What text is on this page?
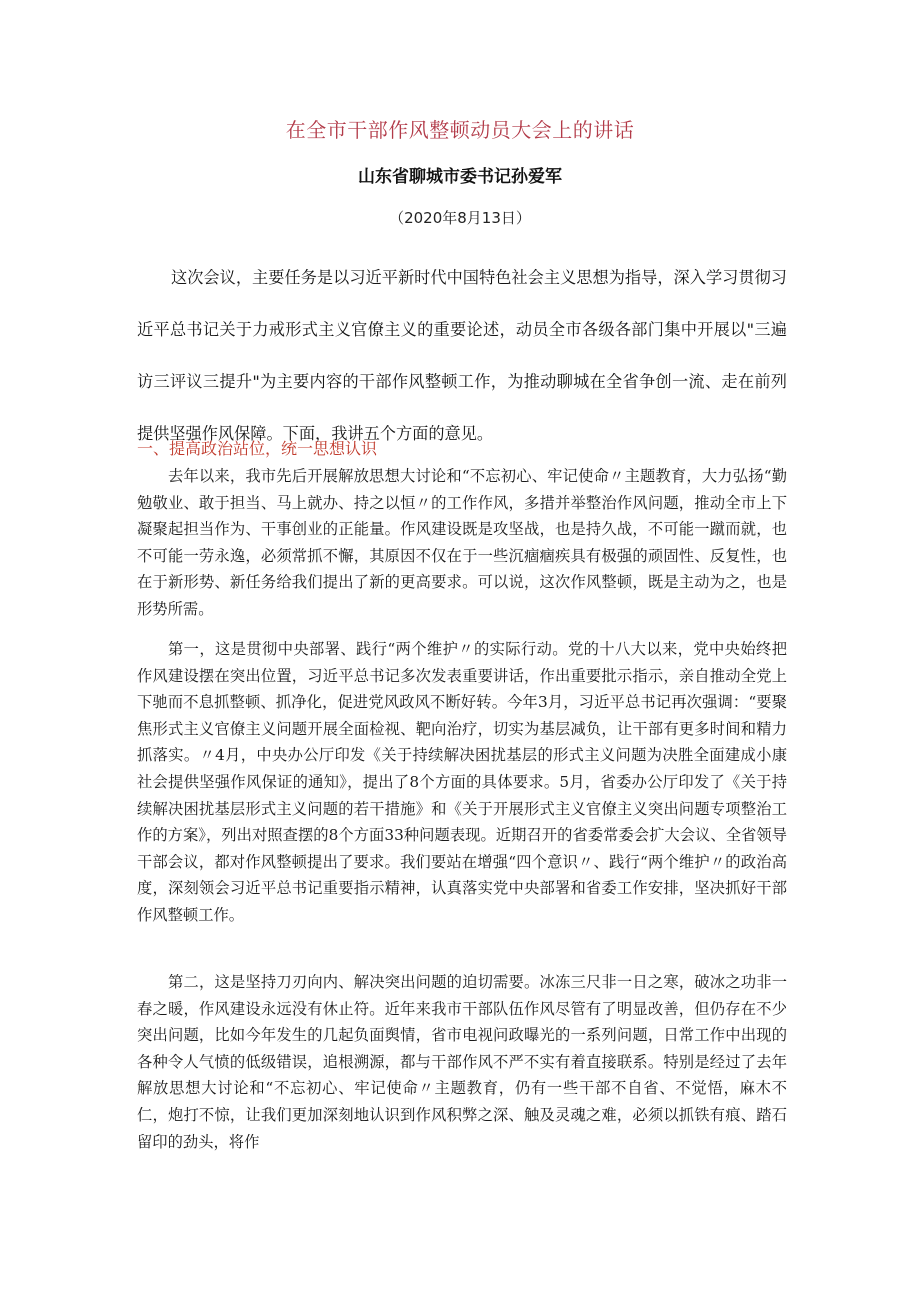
在全市干部作风整顿动员大会上的讲话
山东省聊城市委书记孙爱军
（2020年8月13日）

这次会议，主要任务是以习近平新时代中国特色社会主义思想为指导，深入学习贯彻习近平总书记关于力戒形式主义官僚主义的重要论述，动员全市各级各部门集中开展以"三遍访三评议三提升"为主要内容的干部作风整顿工作，为推动聊城在全省争创一流、走在前列提供坚强作风保障。下面，我讲五个方面的意见。

一、提高政治站位，统一思想认识

去年以来，我市先后开展解放思想大讨论和“不忘初心、牢记使命〃主题教育，大力弘扬“勤勉敬业、敢于担当、马上就办、持之以恒〃的工作作风，多措并举整治作风问题，推动全市上下凝聚起担当作为、干事创业的正能量。作风建设既是攻坚战，也是持久战，不可能一蹴而就，也不可能一劳永逸，必须常抓不懈，其原因不仅在于一些沉痼痼疾具有极强的顽固性、反复性，也在于新形势、新任务给我们提出了新的更高要求。可以说，这次作风整顿，既是主动为之，也是形势所需。

第一，这是贯彻中央部署、践行“两个维护〃的实际行动。党的十八大以来，党中央始终把作风建设摆在突出位置，习近平总书记多次发表重要讲话，作出重要批示指示，亲自推动全党上下驰而不息抓整顿、抓净化，促进党风政风不断好转。今年3月，习近平总书记再次强调：“要聚焦形式主义官僚主义问题开展全面检视、靶向治疗，切实为基层减负，让干部有更多时间和精力抓落实。〃4月，中央办公厅印发《关于持续解决困扰基层的形式主义问题为决胜全面建成小康社会提供坚强作风保证的通知》，提出了8个方面的具体要求。5月，省委办公厅印发了《关于持续解决困扰基层形式主义问题的若干措施》和《关于开展形式主义官僚主义突出问题专项整治工作的方案》，列出对照查摆的8个方面33种问题表现。近期召开的省委常委会扩大会议、全省领导干部会议，都对作风整顿提出了要求。我们要站在增强“四个意识〃、践行“两个维护〃的政治高度，深刻领会习近平总书记重要指示精神，认真落实党中央部署和省委工作安排，坚决抓好干部作风整顿工作。

第二，这是坚持刀刃向内、解决突出问题的迫切需要。冰冻三尺非一日之寒，破冰之功非一春之暖，作风建设永远没有休止符。近年来我市干部队伍作风尽管有了明显改善，但仍存在不少突出问题，比如今年发生的几起负面舆情，省市电视问政曝光的一系列问题，日常工作中出现的各种令人气愤的低级错误，追根溯源，都与干部作风不严不实有着直接联系。特别是经过了去年解放思想大讨论和“不忘初心、牢记使命〃主题教育，仍有一些干部不自省、不觉悟，麻木不仁，炮打不惊，让我们更加深刻地认识到作风积弊之深、触及灵魂之难，必须以抓铁有痕、踏石留印的劲头，将作
